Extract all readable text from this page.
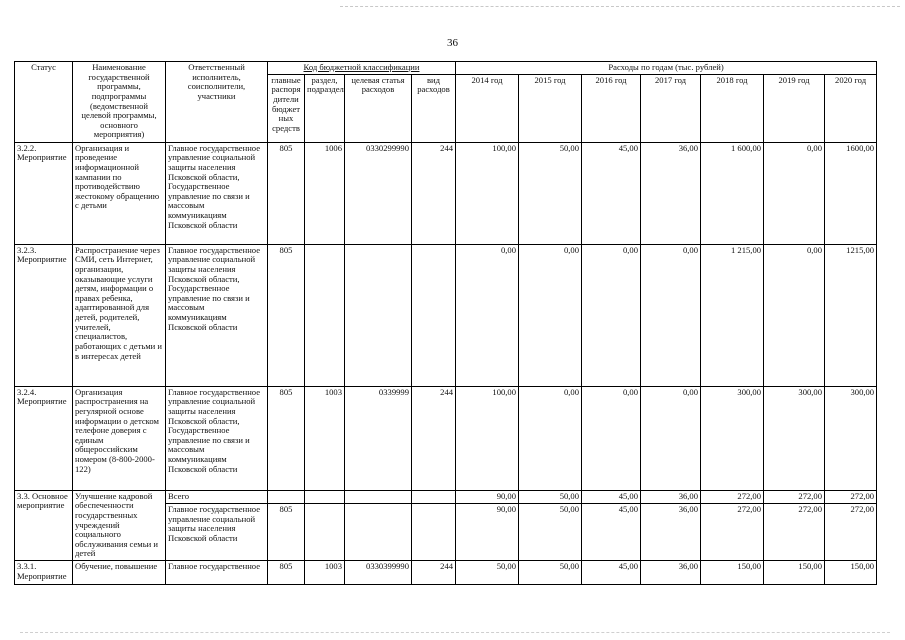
36
Статус	Наименование государственной программы, подпрограммы (ведомственной целевой программы, основного мероприятия)	Ответственный исполнитель, соисполнители, участники	Код бюджетной классификации				Расходы по годам (тыс. рублей)						
			главные распоря дители бюджет ных средств	раздел, подраздел	целевая статья расходов	вид расходов	2014 год	2015 год	2016 год	2017 год	2018 год	2019 год	2020 год
3.2.2. Мероприятие	Организация и проведение информационной кампании по противодействию жестокому обращению с детьми	Главное государственное управление социальной защиты населения Псковской области, Государственное управление по связи и массовым коммуникациям Псковской области	805	1006	0330299990	244	100,00	50,00	45,00	36,00	1 600,00	0,00	1600,00
3.2.3. Мероприятие	Распространение через СМИ, сеть Интернет, организации, оказывающие услуги детям, информации о правах ребенка, адаптированной для детей, родителей, учителей, специалистов, работающих с детьми и в интересах детей	Главное государственное управление социальной защиты населения Псковской области, Государственное управление по связи и массовым коммуникациям Псковской области	805				0,00	0,00	0,00	0,00	1 215,00	0,00	1215,00
3.2.4. Мероприятие	Организация распространения на регулярной основе информации о детском телефоне доверия с единым общероссийским номером (8-800-2000-122)	Главное государственное управление социальной защиты населения Псковской области, Государственное управление по связи и массовым коммуникациям Псковской области	805	1003	0339999	244	100,00	0,00	0,00	0,00	300,00	300,00	300,00
3.3. Основное мероприятие	Улучшение кадровой обеспеченности государственных учреждений социального обслуживания семьи и детей	Всего					90,00	50,00	45,00	36,00	272,00	272,00	272,00
		Главное государственное управление социальной защиты населения Псковской области	805				90,00	50,00	45,00	36,00	272,00	272,00	272,00
3.3.1. Мероприятие	Обучение, повышение	Главное государственное	805	1003	0330399990	244	50,00	50,00	45,00	36,00	150,00	150,00	150,00
